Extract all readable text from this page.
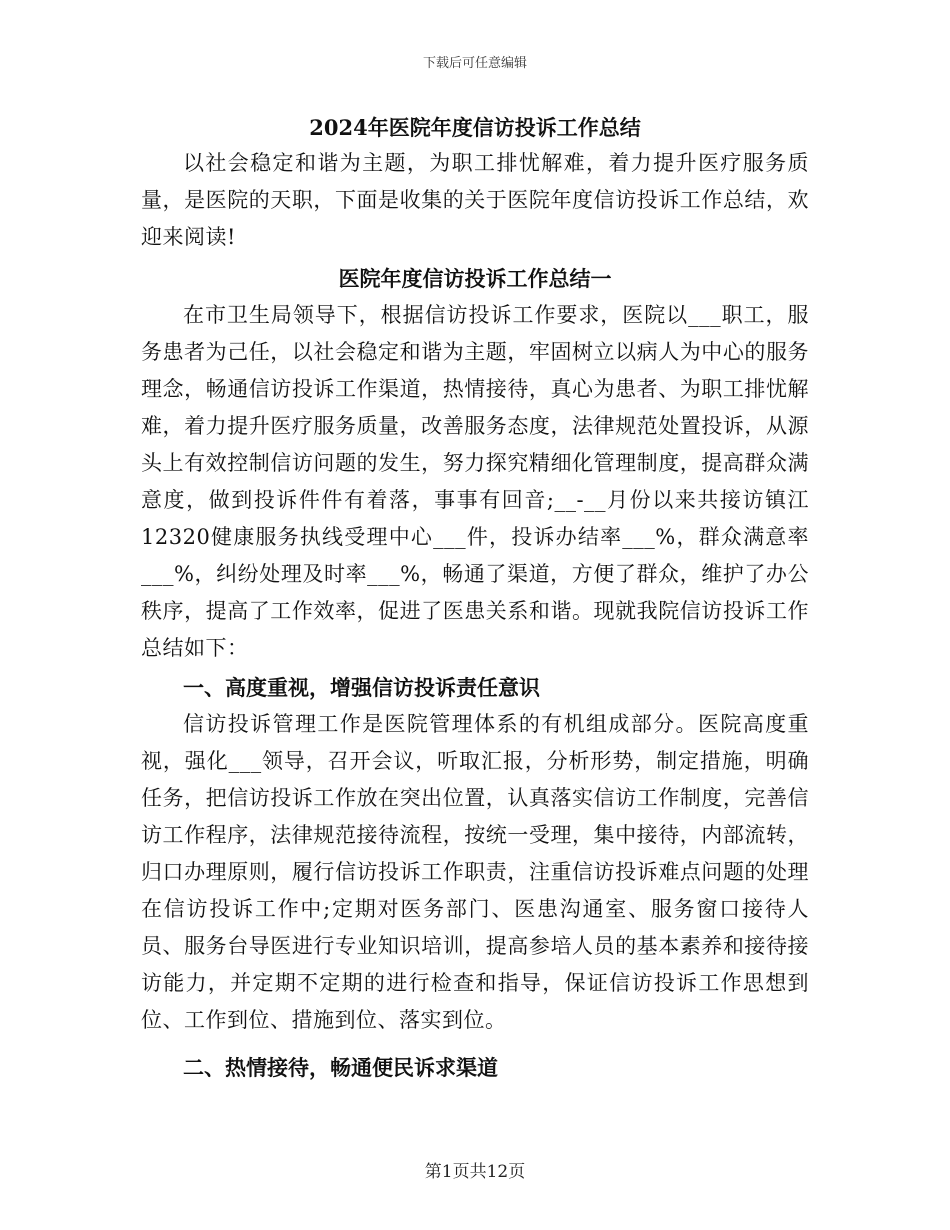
下载后可任意编辑
2024年医院年度信访投诉工作总结

以社会稳定和谐为主题，为职工排忧解难，着力提升医疗服务质量，是医院的天职，下面是收集的关于医院年度信访投诉工作总结，欢迎来阅读!

医院年度信访投诉工作总结一

在市卫生局领导下，根据信访投诉工作要求，医院以___职工，服务患者为己任，以社会稳定和谐为主题，牢固树立以病人为中心的服务理念，畅通信访投诉工作渠道，热情接待，真心为患者、为职工排忧解难，着力提升医疗服务质量，改善服务态度，法律规范处置投诉，从源头上有效控制信访问题的发生，努力探究精细化管理制度，提高群众满意度，做到投诉件件有着落，事事有回音;__-__月份以来共接访镇江12320健康服务执线受理中心___件，投诉办结率___%，群众满意率___%，纠纷处理及时率___%，畅通了渠道，方便了群众，维护了办公秩序，提高了工作效率，促进了医患关系和谐。现就我院信访投诉工作总结如下：

一、高度重视，增强信访投诉责任意识

信访投诉管理工作是医院管理体系的有机组成部分。医院高度重视，强化___领导，召开会议，听取汇报，分析形势，制定措施，明确任务，把信访投诉工作放在突出位置，认真落实信访工作制度，完善信访工作程序，法律规范接待流程，按统一受理，集中接待，内部流转，归口办理原则，履行信访投诉工作职责，注重信访投诉难点问题的处理在信访投诉工作中;定期对医务部门、医患沟通室、服务窗口接待人员、服务台导医进行专业知识培训，提高参培人员的基本素养和接待接访能力，并定期不定期的进行检查和指导，保证信访投诉工作思想到位、工作到位、措施到位、落实到位。

二、热情接待，畅通便民诉求渠道

第1页共12页
